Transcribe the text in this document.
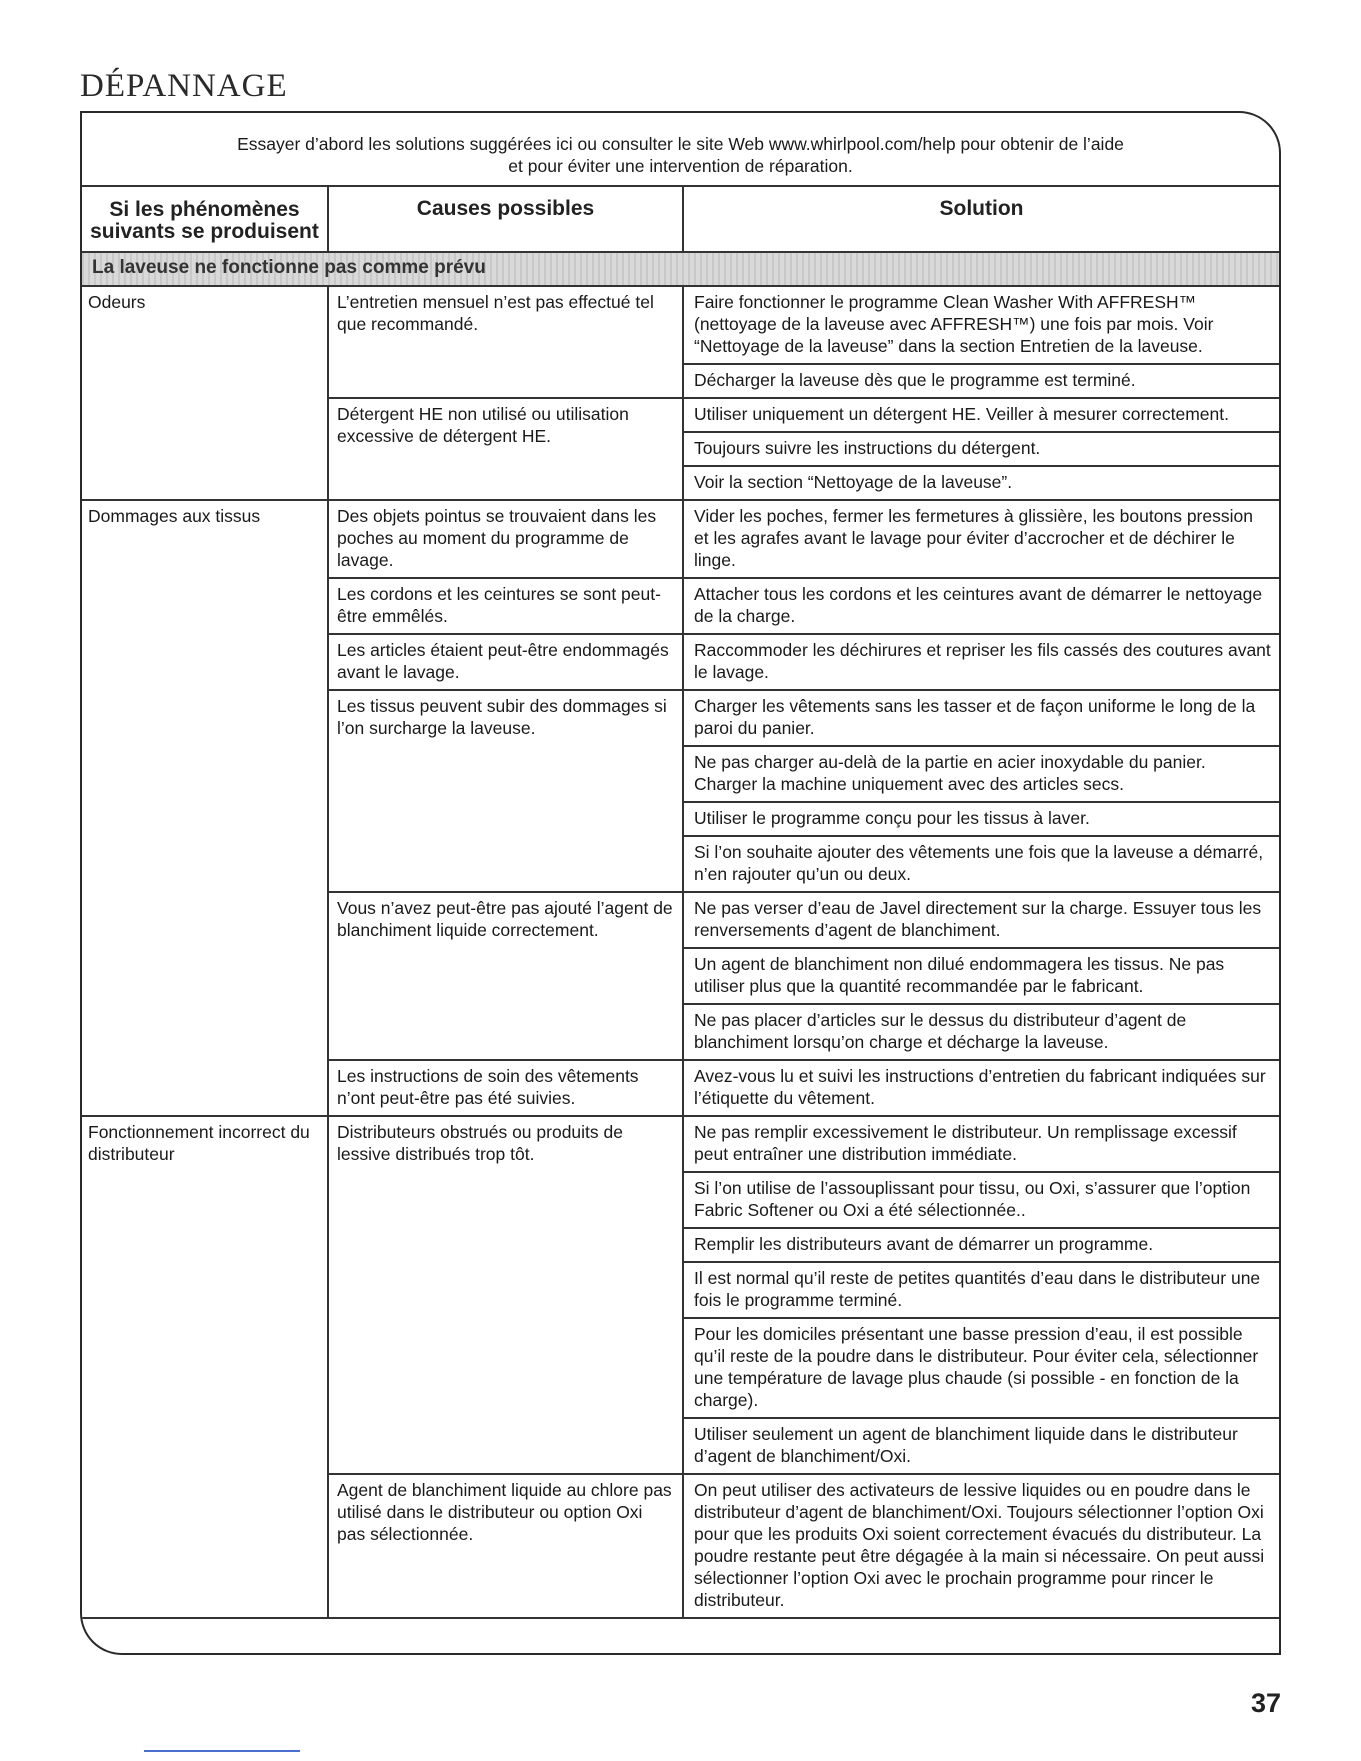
DÉPANNAGE
Essayer d’abord les solutions suggérées ici ou consulter le site Web www.whirlpool.com/help pour obtenir de l’aide
et pour éviter une intervention de réparation.
Si les phénomènes
suivants se produisent	Causes possibles	Solution
La laveuse ne fonctionne pas comme prévu		
Odeurs	L’entretien mensuel n’est pas effectué tel que recommandé.	Faire fonctionner le programme Clean Washer With AFFRESH™ (nettoyage de la laveuse avec AFFRESH™) une fois par mois. Voir “Nettoyage de la laveuse” dans la section Entretien de la laveuse.
		Décharger la laveuse dès que le programme est terminé.
	Détergent HE non utilisé ou utilisation excessive de détergent HE.	Utiliser uniquement un détergent HE. Veiller à mesurer correctement.
		Toujours suivre les instructions du détergent.
		Voir la section “Nettoyage de la laveuse”.
Dommages aux tissus	Des objets pointus se trouvaient dans les poches au moment du programme de lavage.	Vider les poches, fermer les fermetures à glissière, les boutons pression et les agrafes avant le lavage pour éviter d’accrocher et de déchirer le linge.
	Les cordons et les ceintures se sont peut-être emmêlés.	Attacher tous les cordons et les ceintures avant de démarrer le nettoyage de la charge.
	Les articles étaient peut-être endommagés avant le lavage.	Raccommoder les déchirures et repriser les fils cassés des coutures avant le lavage.
	Les tissus peuvent subir des dommages si l’on surcharge la laveuse.	Charger les vêtements sans les tasser et de façon uniforme le long de la paroi du panier.
		Ne pas charger au-delà de la partie en acier inoxydable du panier. Charger la machine uniquement avec des articles secs.
		Utiliser le programme conçu pour les tissus à laver.
		Si l’on souhaite ajouter des vêtements une fois que la laveuse a démarré, n’en rajouter qu’un ou deux.
	Vous n’avez peut-être pas ajouté l’agent de blanchiment liquide correctement.	Ne pas verser d’eau de Javel directement sur la charge. Essuyer tous les renversements d’agent de blanchiment.
		Un agent de blanchiment non dilué endommagera les tissus. Ne pas utiliser plus que la quantité recommandée par le fabricant.
		Ne pas placer d’articles sur le dessus du distributeur d’agent de blanchiment lorsqu’on charge et décharge la laveuse.
	Les instructions de soin des vêtements n’ont peut-être pas été suivies.	Avez-vous lu et suivi les instructions d’entretien du fabricant indiquées sur l’étiquette du vêtement.
Fonctionnement incorrect du distributeur	Distributeurs obstrués ou produits de lessive distribués trop tôt.	Ne pas remplir excessivement le distributeur. Un remplissage excessif peut entraîner une distribution immédiate.
		Si l’on utilise de l’assouplissant pour tissu, ou Oxi, s’assurer que l’option Fabric Softener ou Oxi a été sélectionnée..
		Remplir les distributeurs avant de démarrer un programme.
		Il est normal qu’il reste de petites quantités d’eau dans le distributeur une fois le programme terminé.
		Pour les domiciles présentant une basse pression d’eau, il est possible qu’il reste de la poudre dans le distributeur. Pour éviter cela, sélectionner une température de lavage plus chaude (si possible - en fonction de la charge).
		Utiliser seulement un agent de blanchiment liquide dans le distributeur d’agent de blanchiment/Oxi.
	Agent de blanchiment liquide au chlore pas utilisé dans le distributeur ou option Oxi pas sélectionnée.	On peut utiliser des activateurs de lessive liquides ou en poudre dans le distributeur d’agent de blanchiment/Oxi. Toujours sélectionner l’option Oxi pour que les produits Oxi soient correctement évacués du distributeur. La poudre restante peut être dégagée à la main si nécessaire. On peut aussi sélectionner l’option Oxi avec le prochain programme pour rincer le distributeur.
37
